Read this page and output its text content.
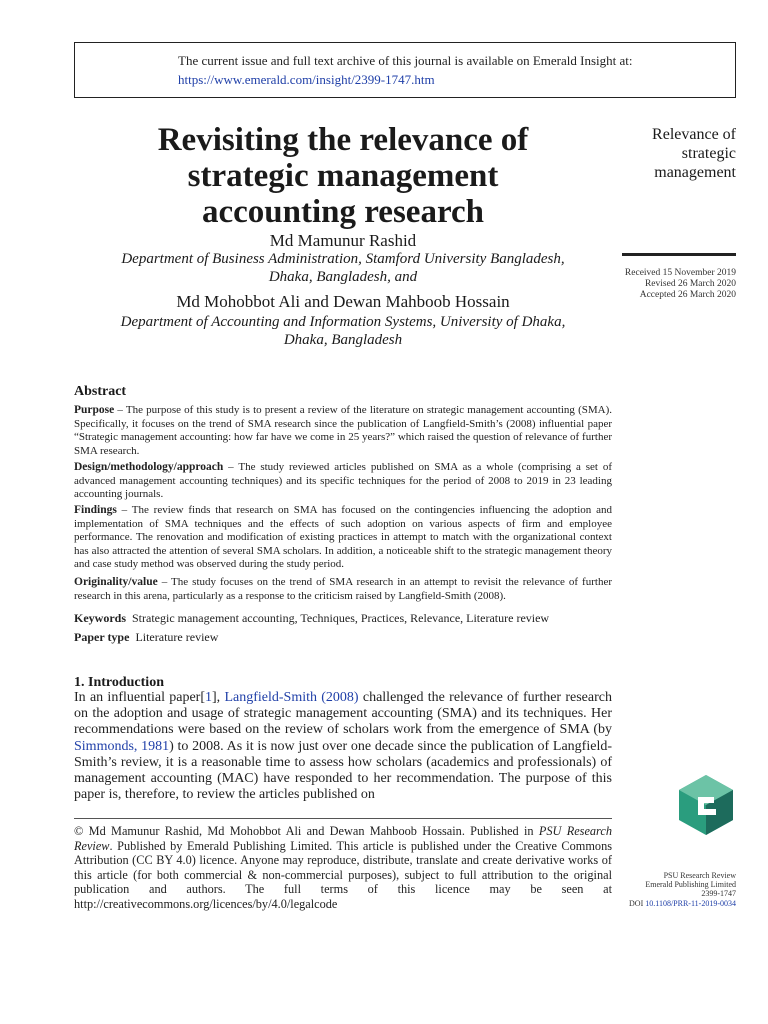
The current issue and full text archive of this journal is available on Emerald Insight at:
https://www.emerald.com/insight/2399-1747.htm
Revisiting the relevance of
strategic management
accounting research
Md Mamunur Rashid
Department of Business Administration, Stamford University Bangladesh,
Dhaka, Bangladesh, and
Md Mohobbot Ali and Dewan Mahboob Hossain
Department of Accounting and Information Systems, University of Dhaka,
Dhaka, Bangladesh
Relevance of
strategic
management
Received 15 November 2019
Revised 26 March 2020
Accepted 26 March 2020
Abstract
Purpose – The purpose of this study is to present a review of the literature on strategic management accounting (SMA). Specifically, it focuses on the trend of SMA research since the publication of Langfield-Smith’s (2008) influential paper “Strategic management accounting: how far have we come in 25 years?” which raised the question of relevance of further SMA research.
Design/methodology/approach – The study reviewed articles published on SMA as a whole (comprising a set of advanced management accounting techniques) and its specific techniques for the period of 2008 to 2019 in 23 leading accounting journals.
Findings – The review finds that research on SMA has focused on the contingencies influencing the adoption and implementation of SMA techniques and the effects of such adoption on various aspects of firm and employee performance. The renovation and modification of existing practices in attempt to match with the organizational context has also attracted the attention of several SMA scholars. In addition, a noticeable shift to the strategic management theory and case study method was observed during the study period.
Originality/value – The study focuses on the trend of SMA research in an attempt to revisit the relevance of further research in this arena, particularly as a response to the criticism raised by Langfield-Smith (2008).
Keywords Strategic management accounting, Techniques, Practices, Relevance, Literature review
Paper type Literature review
1. Introduction
In an influential paper[1], Langfield-Smith (2008) challenged the relevance of further research on the adoption and usage of strategic management accounting (SMA) and its techniques. Her recommendations were based on the review of scholars work from the emergence of SMA (by Simmonds, 1981) to 2008. As it is now just over one decade since the publication of Langfield-Smith’s review, it is a reasonable time to assess how scholars (academics and professionals) of management accounting (MAC) have responded to her recommendation. The purpose of this paper is, therefore, to review the articles published on
© Md Mamunur Rashid, Md Mohobbot Ali and Dewan Mahboob Hossain. Published in PSU Research Review. Published by Emerald Publishing Limited. This article is published under the Creative Commons Attribution (CC BY 4.0) licence. Anyone may reproduce, distribute, translate and create derivative works of this article (for both commercial & non-commercial purposes), subject to full attribution to the original publication and authors. The full terms of this licence may be seen at http://creativecommons.org/licences/by/4.0/legalcode
PSU Research Review
Emerald Publishing Limited
2399-1747
DOI 10.1108/PRR-11-2019-0034
